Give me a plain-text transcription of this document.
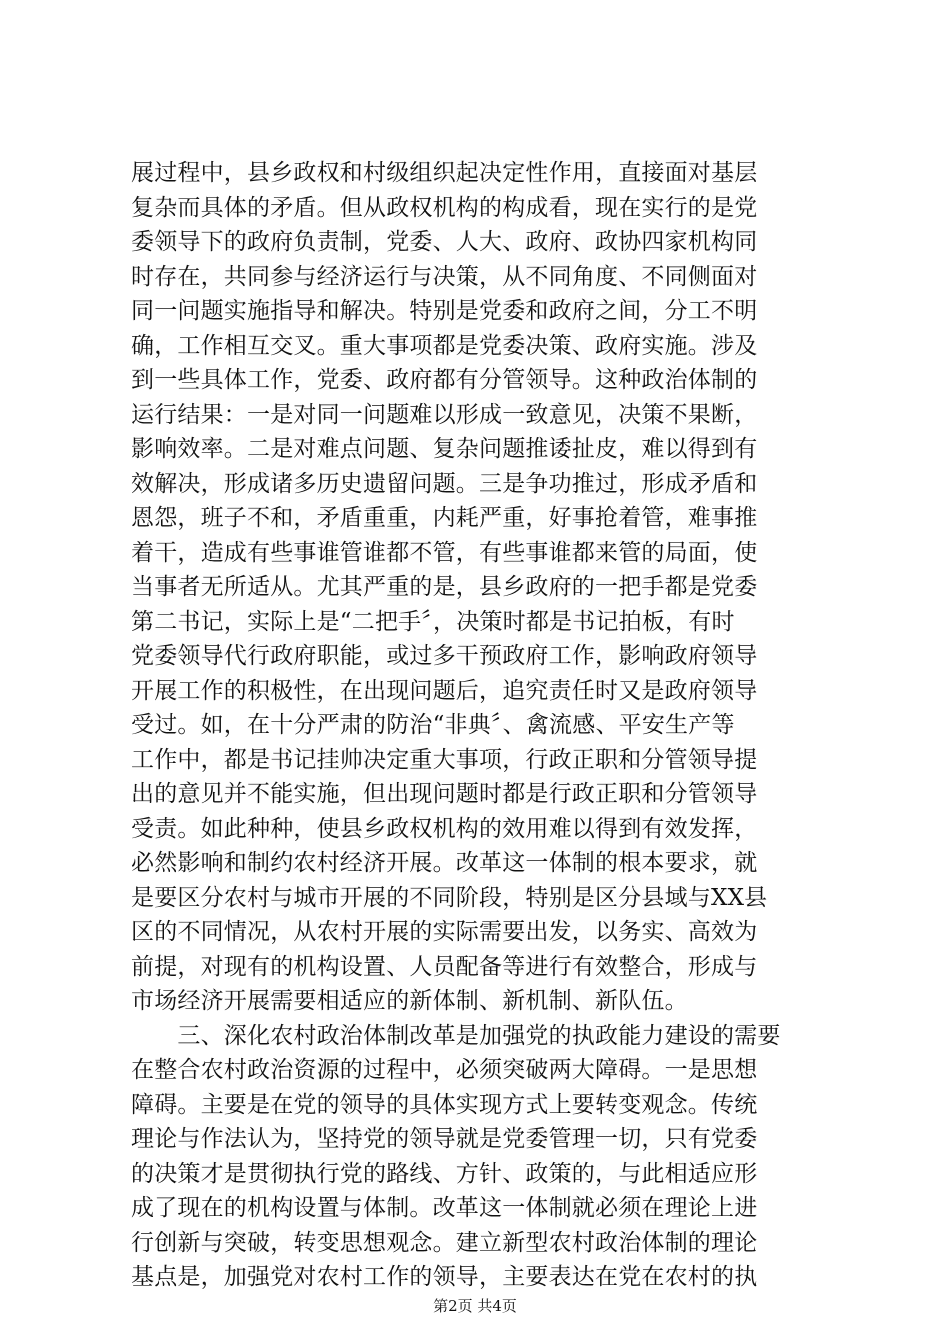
展过程中，县乡政权和村级组织起决定性作用，直接面对基层
复杂而具体的矛盾。但从政权机构的构成看，现在实行的是党
委领导下的政府负责制，党委、人大、政府、政协四家机构同
时存在，共同参与经济运行与决策，从不同角度、不同侧面对
同一问题实施指导和解决。特别是党委和政府之间，分工不明
确，工作相互交叉。重大事项都是党委决策、政府实施。涉及
到一些具体工作，党委、政府都有分管领导。这种政治体制的
运行结果：一是对同一问题难以形成一致意见，决策不果断，
影响效率。二是对难点问题、复杂问题推诿扯皮，难以得到有
效解决，形成诸多历史遗留问题。三是争功推过，形成矛盾和
恩怨，班子不和，矛盾重重，内耗严重，好事抢着管，难事推
着干，造成有些事谁管谁都不管，有些事谁都来管的局面，使
当事者无所适从。尤其严重的是，县乡政府的一把手都是党委
第二书记，实际上是“二把手〞，决策时都是书记拍板，有时
党委领导代行政府职能，或过多干预政府工作，影响政府领导
开展工作的积极性，在出现问题后，追究责任时又是政府领导
受过。如，在十分严肃的防治“非典〞、禽流感、平安生产等
工作中，都是书记挂帅决定重大事项，行政正职和分管领导提
出的意见并不能实施，但出现问题时都是行政正职和分管领导
受责。如此种种，使县乡政权机构的效用难以得到有效发挥，
必然影响和制约农村经济开展。改革这一体制的根本要求，就
是要区分农村与城市开展的不同阶段，特别是区分县域与XX县
区的不同情况，从农村开展的实际需要出发，以务实、高效为
前提，对现有的机构设置、人员配备等进行有效整合，形成与
市场经济开展需要相适应的新体制、新机制、新队伍。
　　三、深化农村政治体制改革是加强党的执政能力建设的需要
在整合农村政治资源的过程中，必须突破两大障碍。一是思想
障碍。主要是在党的领导的具体实现方式上要转变观念。传统
理论与作法认为，坚持党的领导就是党委管理一切，只有党委
的决策才是贯彻执行党的路线、方针、政策的，与此相适应形
成了现在的机构设置与体制。改革这一体制就必须在理论上进
行创新与突破，转变思想观念。建立新型农村政治体制的理论
基点是，加强党对农村工作的领导，主要表达在党在农村的执
第2页 共4页
